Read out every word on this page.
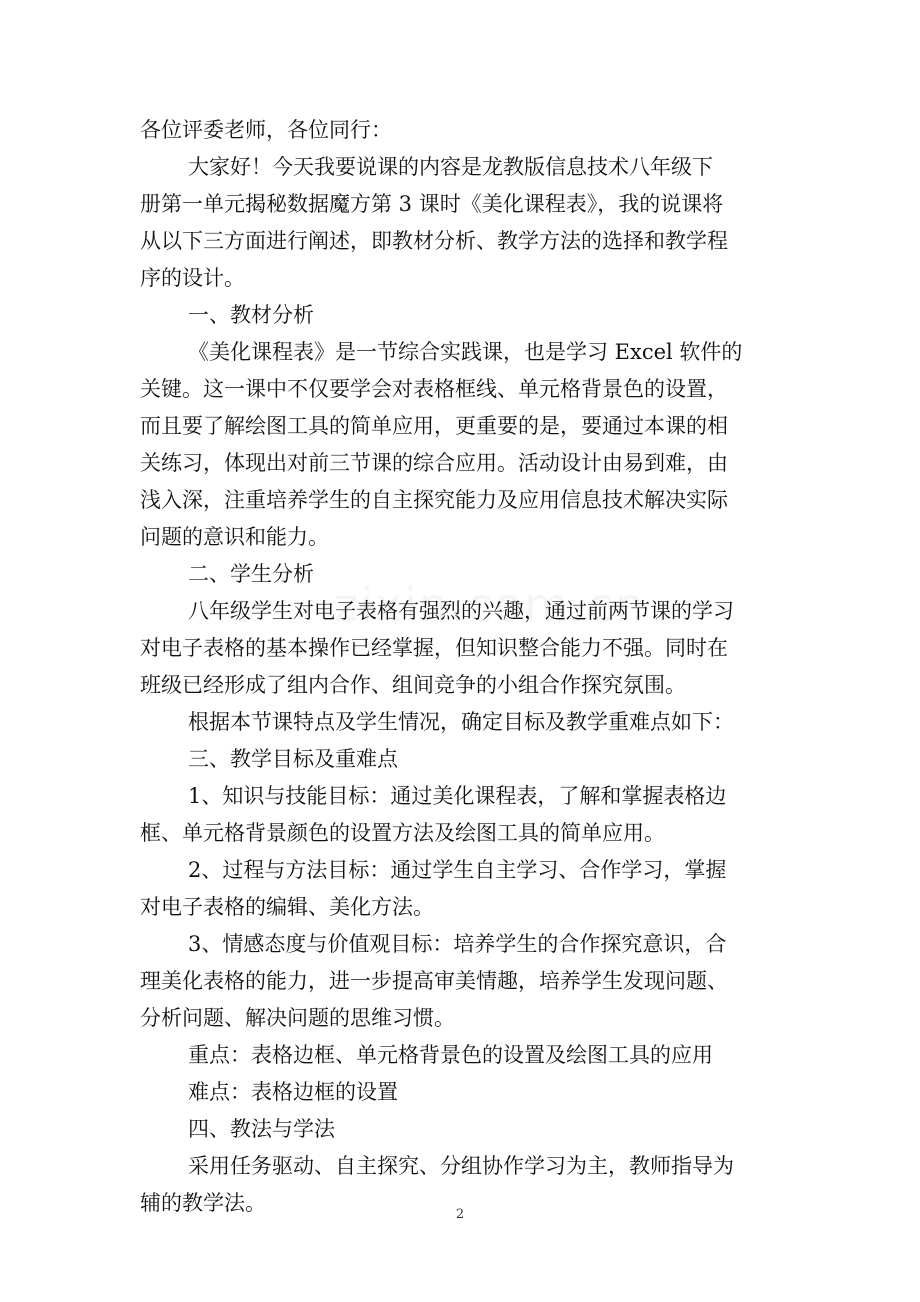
各位评委老师，各位同行：
大家好！今天我要说课的内容是龙教版信息技术八年级下
册第一单元揭秘数据魔方第 3 课时《美化课程表》，我的说课将
从以下三方面进行阐述，即教材分析、教学方法的选择和教学程
序的设计。
一、教材分析
《美化课程表》是一节综合实践课，也是学习 Excel 软件的
关键。这一课中不仅要学会对表格框线、单元格背景色的设置，
而且要了解绘图工具的简单应用，更重要的是，要通过本课的相
关练习，体现出对前三节课的综合应用。活动设计由易到难，由
浅入深，注重培养学生的自主探究能力及应用信息技术解决实际
问题的意识和能力。
二、学生分析
八年级学生对电子表格有强烈的兴趣，通过前两节课的学习
对电子表格的基本操作已经掌握，但知识整合能力不强。同时在
班级已经形成了组内合作、组间竞争的小组合作探究氛围。
根据本节课特点及学生情况，确定目标及教学重难点如下：
三、教学目标及重难点
1、知识与技能目标：通过美化课程表，了解和掌握表格边
框、单元格背景颜色的设置方法及绘图工具的简单应用。
2、过程与方法目标：通过学生自主学习、合作学习，掌握
对电子表格的编辑、美化方法。
3、情感态度与价值观目标：培养学生的合作探究意识，合
理美化表格的能力，进一步提高审美情趣，培养学生发现问题、
分析问题、解决问题的思维习惯。
重点：表格边框、单元格背景色的设置及绘图工具的应用
难点：表格边框的设置
四、教法与学法
采用任务驱动、自主探究、分组协作学习为主，教师指导为
辅的教学法。	2
